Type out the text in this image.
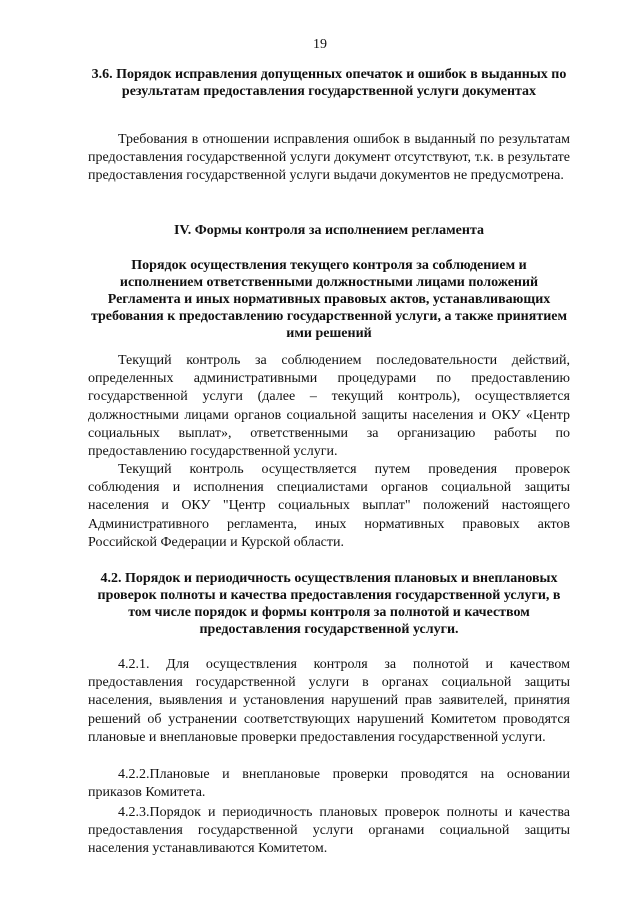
19
3.6. Порядок исправления допущенных опечаток и ошибок в выданных по результатам предоставления государственной услуги документах

Требования в отношении исправления ошибок в выданный по результатам предоставления государственной услуги документ отсутствуют, т.к. в результате предоставления государственной услуги выдачи документов не предусмотрена.

IV. Формы контроля за исполнением регламента
Порядок осуществления текущего контроля за соблюдением и исполнением ответственными должностными лицами положений Регламента и иных нормативных правовых актов, устанавливающих требования к предоставлению государственной услуги, а также принятием ими решений

Текущий контроль за соблюдением последовательности действий, определенных административными процедурами по предоставлению государственной услуги (далее – текущий контроль), осуществляется должностными лицами органов социальной защиты населения и ОКУ «Центр социальных выплат», ответственными за организацию работы по предоставлению государственной услуги.

Текущий контроль осуществляется путем проведения проверок соблюдения и исполнения специалистами органов социальной защиты населения и ОКУ "Центр социальных выплат" положений настоящего Административного регламента, иных нормативных правовых актов Российской Федерации и Курской области.

4.2. Порядок и периодичность осуществления плановых и внеплановых проверок полноты и качества предоставления государственной услуги, в том числе порядок и формы контроля за полнотой и качеством предоставления государственной услуги.

4.2.1. Для осуществления контроля за полнотой и качеством предоставления государственной услуги в органах социальной защиты населения, выявления и установления нарушений прав заявителей, принятия решений об устранении соответствующих нарушений Комитетом проводятся плановые и внеплановые проверки предоставления государственной услуги.

4.2.2.Плановые и внеплановые проверки проводятся на основании приказов Комитета.

4.2.3.Порядок и периодичность плановых проверок полноты и качества предоставления государственной услуги органами социальной защиты населения устанавливаются Комитетом.
